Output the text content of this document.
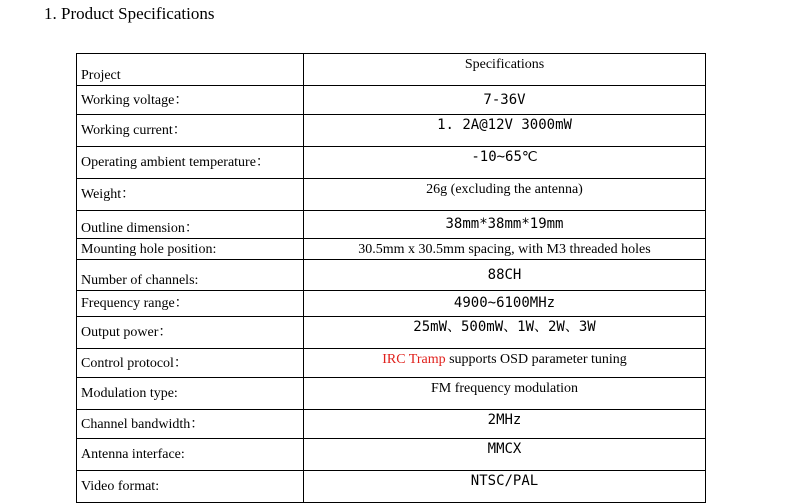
1. Product Specifications
Project	Specifications
Working voltage：	7-36V
Working current：	1. 2A@12V 3000mW
Operating ambient temperature：	-10~65℃
Weight：	26g (excluding the antenna)
Outline dimension：	38mm*38mm*19mm
Mounting hole position:	30.5mm x 30.5mm spacing, with M3 threaded holes
Number of channels:	88CH
Frequency range：	4900~6100MHz
Output power：	25mW、500mW、1W、2W、3W
Control protocol：	IRC Tramp supports OSD parameter tuning
Modulation type:	FM frequency modulation
Channel bandwidth：	2MHz
Antenna interface:	MMCX
Video format:	NTSC/PAL
